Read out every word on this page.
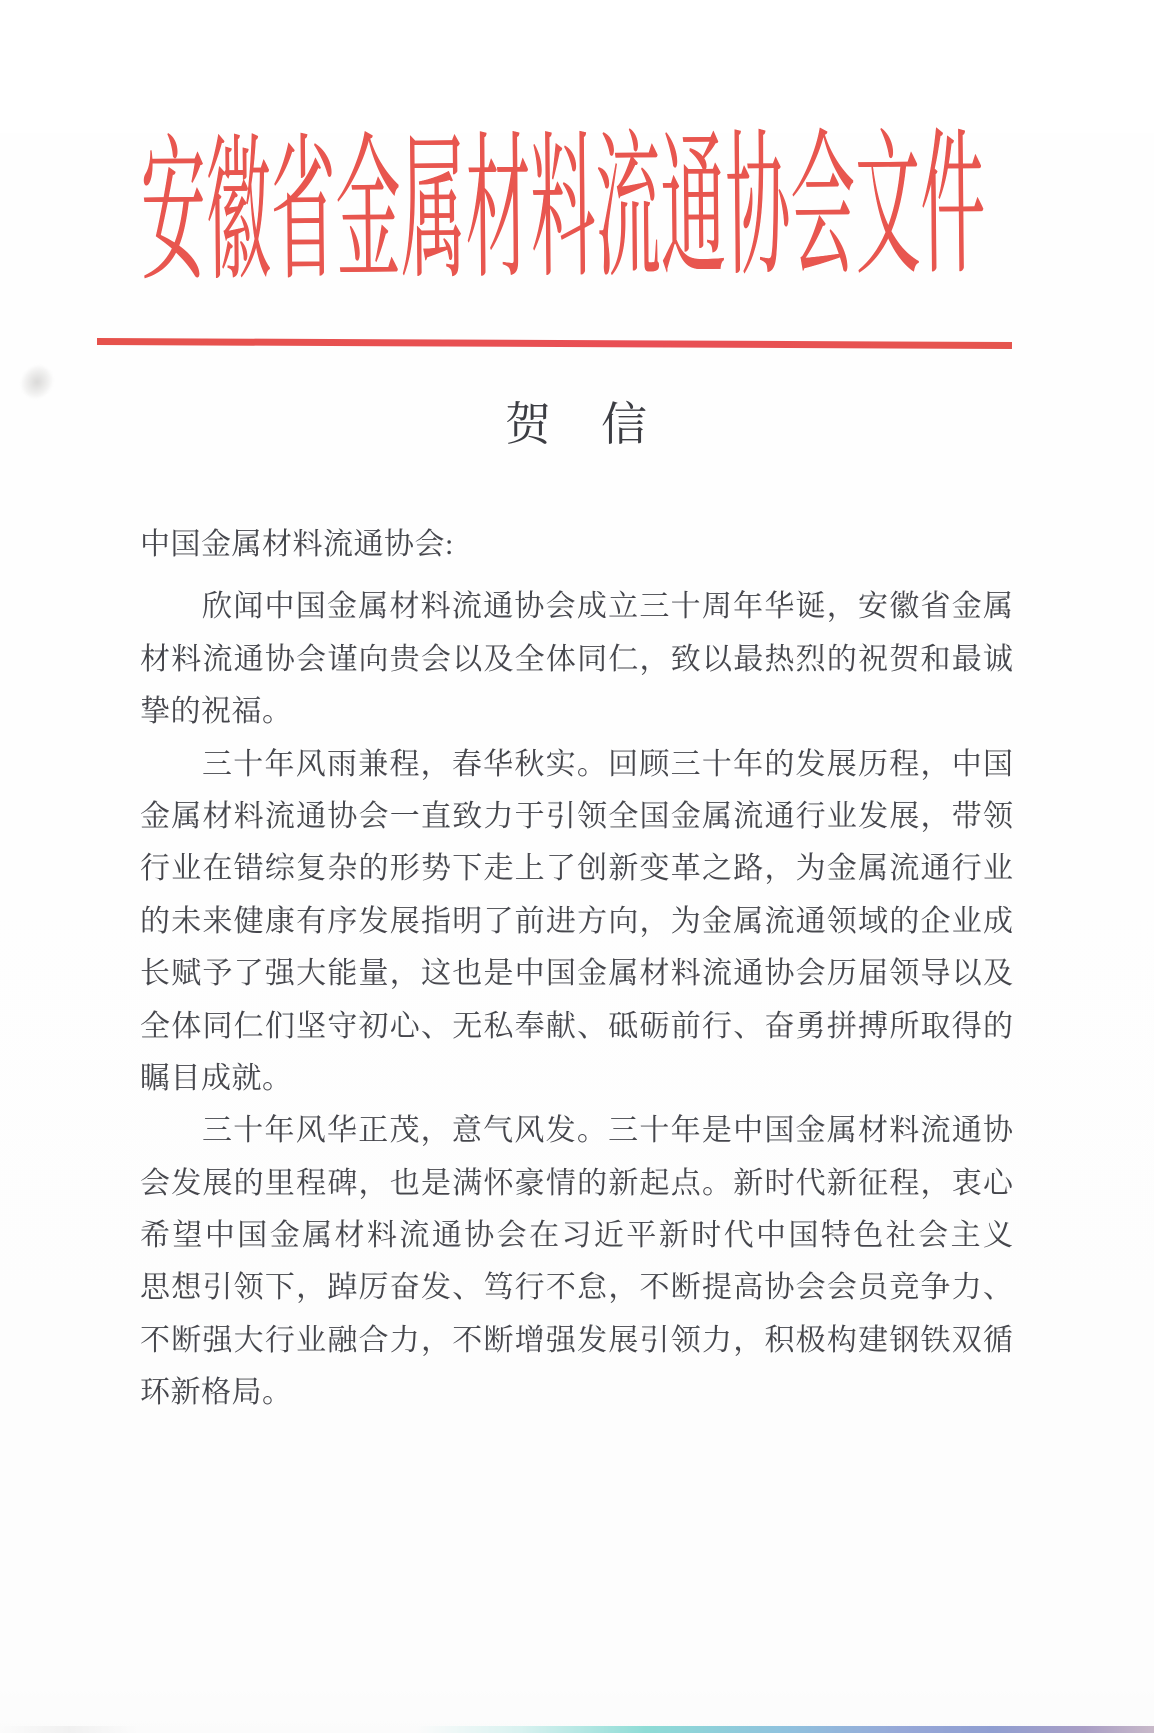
安徽省金属材料流通协会文件
贺　信
中国金属材料流通协会:
欣闻中国金属材料流通协会成立三十周年华诞，安徽省金属
材料流通协会谨向贵会以及全体同仁，致以最热烈的祝贺和最诚
挚的祝福。
三十年风雨兼程，春华秋实。回顾三十年的发展历程，中国
金属材料流通协会一直致力于引领全国金属流通行业发展，带领
行业在错综复杂的形势下走上了创新变革之路，为金属流通行业
的未来健康有序发展指明了前进方向，为金属流通领域的企业成
长赋予了强大能量，这也是中国金属材料流通协会历届领导以及
全体同仁们坚守初心、无私奉献、砥砺前行、奋勇拼搏所取得的
瞩目成就。
三十年风华正茂，意气风发。三十年是中国金属材料流通协
会发展的里程碑，也是满怀豪情的新起点。新时代新征程，衷心
希望中国金属材料流通协会在习近平新时代中国特色社会主义
思想引领下，踔厉奋发、笃行不怠，不断提高协会会员竞争力、
不断强大行业融合力，不断增强发展引领力，积极构建钢铁双循
环新格局。
